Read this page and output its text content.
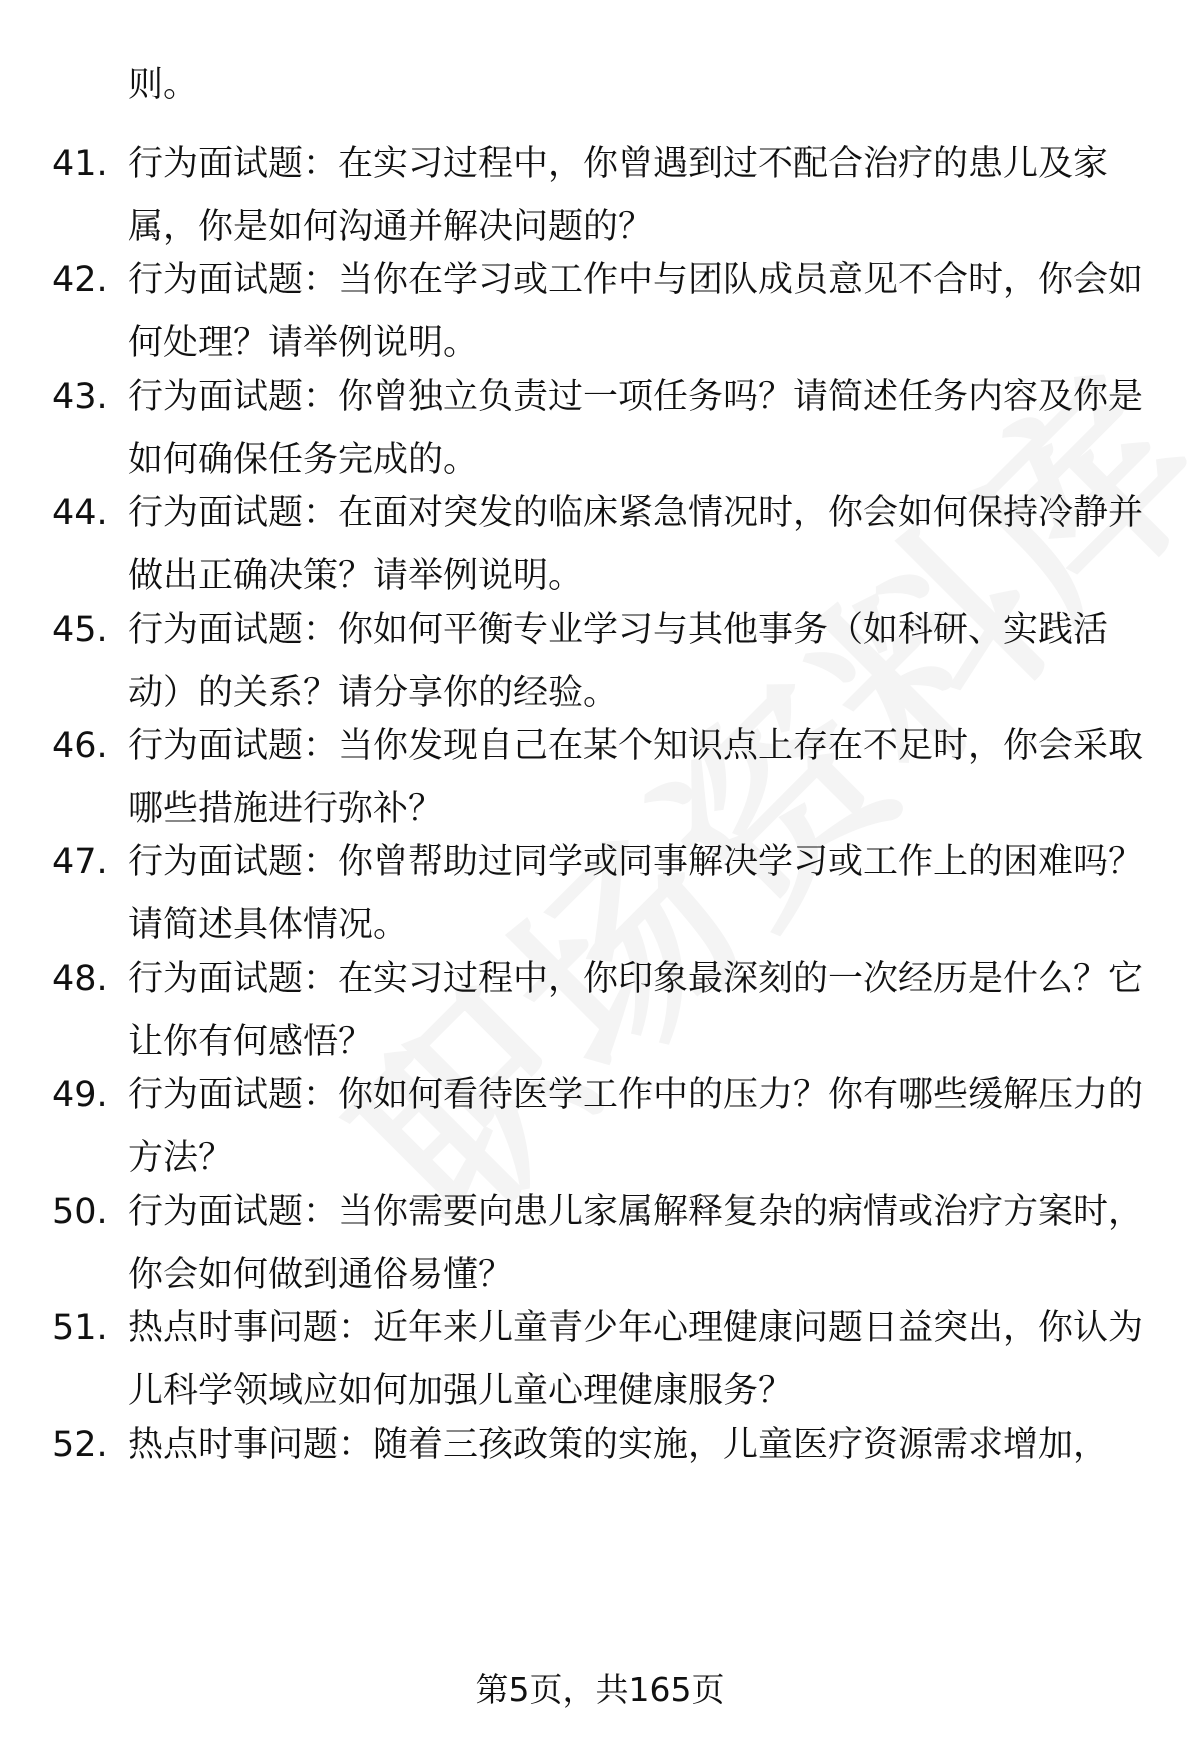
则。
41. 行为面试题：在实习过程中，你曾遇到过不配合治疗的患儿及家属，你是如何沟通并解决问题的？
42. 行为面试题：当你在学习或工作中与团队成员意见不合时，你会如何处理？请举例说明。
43. 行为面试题：你曾独立负责过一项任务吗？请简述任务内容及你是如何确保任务完成的。
44. 行为面试题：在面对突发的临床紧急情况时，你会如何保持冷静并做出正确决策？请举例说明。
45. 行为面试题：你如何平衡专业学习与其他事务（如科研、实践活动）的关系？请分享你的经验。
46. 行为面试题：当你发现自己在某个知识点上存在不足时，你会采取哪些措施进行弥补？
47. 行为面试题：你曾帮助过同学或同事解决学习或工作上的困难吗？请简述具体情况。
48. 行为面试题：在实习过程中，你印象最深刻的一次经历是什么？它让你有何感悟？
49. 行为面试题：你如何看待医学工作中的压力？你有哪些缓解压力的方法？
50. 行为面试题：当你需要向患儿家属解释复杂的病情或治疗方案时，你会如何做到通俗易懂？
51. 热点时事问题：近年来儿童青少年心理健康问题日益突出，你认为儿科学领域应如何加强儿童心理健康服务？
52. 热点时事问题：随着三孩政策的实施，儿童医疗资源需求增加，
第5页，共165页
